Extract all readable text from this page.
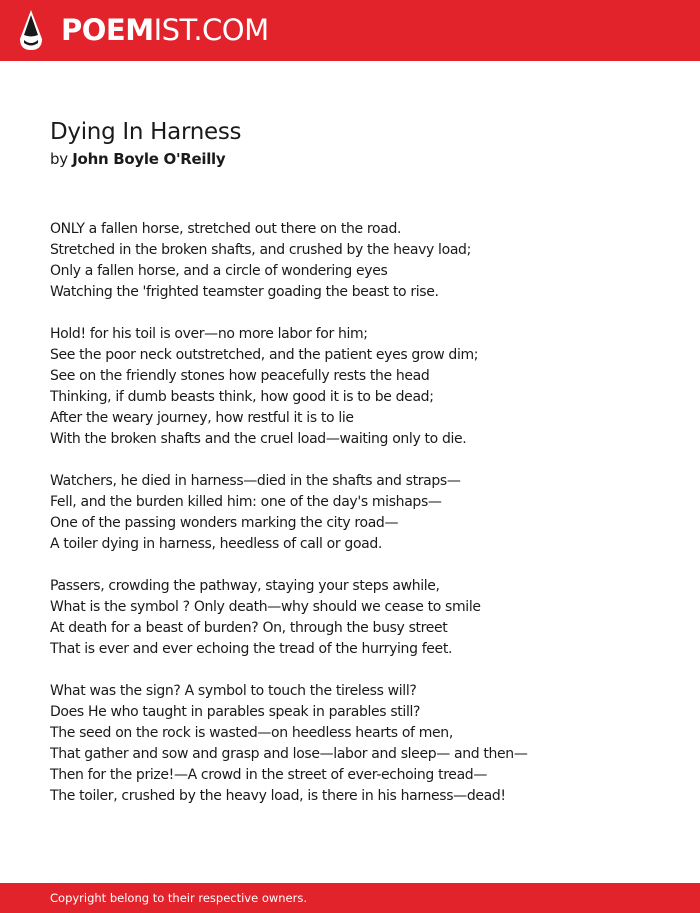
POEMIST.COM
Dying In Harness
by John Boyle O'Reilly
ONLY a fallen horse, stretched out there on the road.
Stretched in the broken shafts, and crushed by the heavy load;
Only a fallen horse, and a circle of wondering eyes
Watching the 'frighted teamster goading the beast to rise.
Hold! for his toil is over—no more labor for him;
See the poor neck outstretched, and the patient eyes grow dim;
See on the friendly stones how peacefully rests the head
Thinking, if dumb beasts think, how good it is to be dead;
After the weary journey, how restful it is to lie
With the broken shafts and the cruel load—waiting only to die.
Watchers, he died in harness—died in the shafts and straps—
Fell, and the burden killed him: one of the day's mishaps—
One of the passing wonders marking the city road—
A toiler dying in harness, heedless of call or goad.
Passers, crowding the pathway, staying your steps awhile,
What is the symbol ? Only death—why should we cease to smile
At death for a beast of burden? On, through the busy street
That is ever and ever echoing the tread of the hurrying feet.
What was the sign? A symbol to touch the tireless will?
Does He who taught in parables speak in parables still?
The seed on the rock is wasted—on heedless hearts of men,
That gather and sow and grasp and lose—labor and sleep— and then—
Then for the prize!—A crowd in the street of ever-echoing tread—
The toiler, crushed by the heavy load, is there in his harness—dead!
Copyright belong to their respective owners.
